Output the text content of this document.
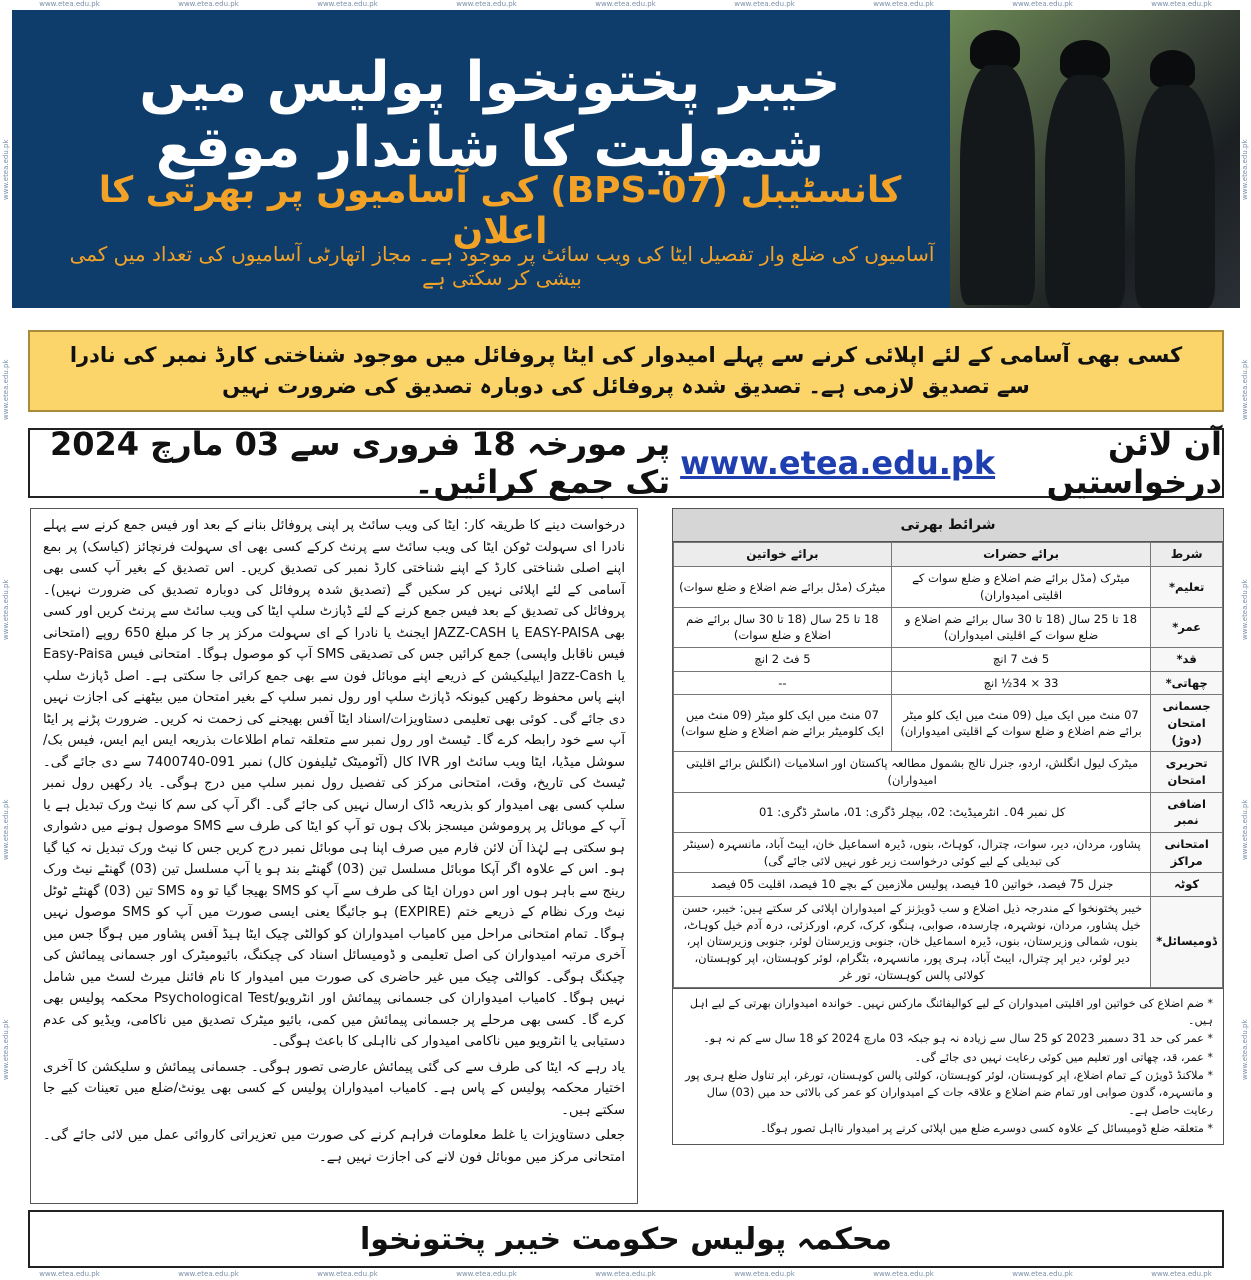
www.etea.edu.pk	www.etea.edu.pk	www.etea.edu.pk	www.etea.edu.pk	www.etea.edu.pk	www.etea.edu.pk	www.etea.edu.pk	www.etea.edu.pk	www.etea.edu.pk
www.etea.edu.pk	www.etea.edu.pk	www.etea.edu.pk	www.etea.edu.pk	www.etea.edu.pk	www.etea.edu.pk	www.etea.edu.pk	www.etea.edu.pk	www.etea.edu.pk
www.etea.edu.pk
www.etea.edu.pk
www.etea.edu.pk
www.etea.edu.pk
www.etea.edu.pk
www.etea.edu.pk
www.etea.edu.pk
www.etea.edu.pk
www.etea.edu.pk
www.etea.edu.pk
خیبر پختونخوا پولیس میں شمولیت کا شاندار موقع
کانسٹیبل (BPS-07) کی آسامیوں پر بھرتی کا اعلان
آسامیوں کی ضلع وار تفصیل ایٹا کی ویب سائٹ پر موجود ہے۔ مجاز اتھارٹی آسامیوں کی تعداد میں کمی بیشی کر سکتی ہے
کسی بھی آسامی کے لئے اپلائی کرنے سے پہلے امیدوار کی ایٹا پروفائل میں موجود شناختی کارڈ نمبر کی نادرا سے تصدیق لازمی ہے۔ تصدیق شدہ پروفائل کی دوبارہ تصدیق کی ضرورت نہیں
آن لائن درخواستیں
www.etea.edu.pk
پر مورخہ 18 فروری سے 03 مارچ 2024 تک جمع کرائیں۔

درخواست دینے کا طریقہ کار: ایٹا کی ویب سائٹ پر اپنی پروفائل بنانے کے بعد اور فیس جمع کرنے سے پہلے نادرا ای سہولت ٹوکن ایٹا کی ویب سائٹ سے پرنٹ کرکے کسی بھی ای سہولت فرنچائز (کیاسک) پر بمع اپنے اصلی شناختی کارڈ کے اپنے شناختی کارڈ نمبر کی تصدیق کریں۔ اس تصدیق کے بغیر آپ کسی بھی آسامی کے لئے اپلائی نہیں کر سکیں گے (تصدیق شدہ پروفائل کی دوبارہ تصدیق کی ضرورت نہیں)۔ پروفائل کی تصدیق کے بعد فیس جمع کرنے کے لئے ڈپازٹ سلپ ایٹا کی ویب سائٹ سے پرنٹ کریں اور کسی بھی EASY-PAISA یا JAZZ-CASH ایجنٹ یا نادرا کے ای سہولت مرکز پر جا کر مبلغ 650 روپے (امتحانی فیس ناقابل واپسی) جمع کرائیں جس کی تصدیقی SMS آپ کو موصول ہوگا۔ امتحانی فیس Easy-Paisa یا Jazz-Cash ایپلیکیشن کے ذریعے اپنے موبائل فون سے بھی جمع کرائی جا سکتی ہے۔ اصل ڈپازٹ سلپ اپنے پاس محفوظ رکھیں کیونکہ ڈپازٹ سلپ اور رول نمبر سلپ کے بغیر امتحان میں بیٹھنے کی اجازت نہیں دی جائے گی۔ کوئی بھی تعلیمی دستاویزات/اسناد ایٹا آفس بھیجنے کی زحمت نہ کریں۔ ضرورت پڑنے پر ایٹا آپ سے خود رابطہ کرے گا۔ ٹیسٹ اور رول نمبر سے متعلقہ تمام اطلاعات بذریعہ ایس ایم ایس، فیس بک/سوشل میڈیا، ایٹا ویب سائٹ اور IVR کال (آٹومیٹک ٹیلیفون کال) نمبر 091-7400740 سے دی جائے گی۔ ٹیسٹ کی تاریخ، وقت، امتحانی مرکز کی تفصیل رول نمبر سلپ میں درج ہوگی۔ یاد رکھیں رول نمبر سلپ کسی بھی امیدوار کو بذریعہ ڈاک ارسال نہیں کی جائے گی۔ اگر آپ کی سم کا نیٹ ورک تبدیل ہے یا آپ کے موبائل پر پروموشن میسجز بلاک ہوں تو آپ کو ایٹا کی طرف سے SMS موصول ہونے میں دشواری ہو سکتی ہے لہٰذا آن لائن فارم میں صرف اپنا ہی موبائل نمبر درج کریں جس کا نیٹ ورک تبدیل نہ کیا گیا ہو۔ اس کے علاوہ اگر آپکا موبائل مسلسل تین (03) گھنٹے بند ہو یا آپ مسلسل تین (03) گھنٹے نیٹ ورک رینج سے باہر ہوں اور اس دوران ایٹا کی طرف سے آپ کو SMS بھیجا گیا تو وہ SMS تین (03) گھنٹے ٹوٹل نیٹ ورک نظام کے ذریعے ختم (EXPIRE) ہو جائیگا یعنی ایسی صورت میں آپ کو SMS موصول نہیں ہوگا۔ تمام امتحانی مراحل میں کامیاب امیدواران کو کوالٹی چیک ایٹا ہیڈ آفس پشاور میں ہوگا جس میں آخری مرتبہ امیدواران کی اصل تعلیمی و ڈومیسائل اسناد کی چیکنگ، بائیومیٹرک اور جسمانی پیمائش کی چیکنگ ہوگی۔ کوالٹی چیک میں غیر حاضری کی صورت میں امیدوار کا نام فائنل میرٹ لسٹ میں شامل نہیں ہوگا۔ کامیاب امیدواران کی جسمانی پیمائش اور انٹرویو/Psychological Test محکمہ پولیس بھی کرے گا۔ کسی بھی مرحلے پر جسمانی پیمائش میں کمی، بائیو میٹرک تصدیق میں ناکامی، ویڈیو کی عدم دستیابی یا انٹرویو میں ناکامی امیدوار کی نااہلی کا باعث ہوگی۔

یاد رہے کہ ایٹا کی طرف سے کی گئی پیمائش عارضی تصور ہوگی۔ جسمانی پیمائش و سلیکشن کا آخری اختیار محکمہ پولیس کے پاس ہے۔ کامیاب امیدواران پولیس کے کسی بھی یونٹ/ضلع میں تعینات کیے جا سکتے ہیں۔

جعلی دستاویزات یا غلط معلومات فراہم کرنے کی صورت میں تعزیراتی کاروائی عمل میں لائی جائے گی۔ امتحانی مرکز میں موبائل فون لانے کی اجازت نہیں ہے۔

شرائط بھرتی
شرط	برائے حضرات	برائے خواتین
تعلیم*	میٹرک (مڈل برائے ضم اضلاع و ضلع سوات کے اقلیتی امیدواران)	میٹرک (مڈل برائے ضم اضلاع و ضلع سوات)
عمر*	18 تا 25 سال (18 تا 30 سال برائے ضم اضلاع و ضلع سوات کے اقلیتی امیدواران)	18 تا 25 سال (18 تا 30 سال برائے ضم اضلاع و ضلع سوات)
قد*	5 فٹ 7 انچ	5 فٹ 2 انچ
چھاتی*	33 × 34½ انچ	--
جسمانی امتحان (دوڑ)	07 منٹ میں ایک میل (09 منٹ میں ایک کلو میٹر برائے ضم اضلاع و ضلع سوات کے اقلیتی امیدواران)	07 منٹ میں ایک کلو میٹر (09 منٹ میں ایک کلومیٹر برائے ضم اضلاع و ضلع سوات)
تحریری امتحان	میٹرک لیول انگلش، اردو، جنرل نالج بشمول مطالعہ پاکستان اور اسلامیات (انگلش برائے اقلیتی امیدواران)	
اضافی نمبر	کل نمبر 04۔ انٹرمیڈیٹ: 02، بیچلر ڈگری: 01، ماسٹر ڈگری: 01	
امتحانی مراکز	پشاور، مردان، دیر، سوات، چترال، کوہاٹ، بنوں، ڈیرہ اسماعیل خان، ایبٹ آباد، مانسہرہ (سینٹر کی تبدیلی کے لیے کوئی درخواست زیر غور نہیں لائی جائے گی)	
کوٹہ	جنرل 75 فیصد، خواتین 10 فیصد، پولیس ملازمین کے بچے 10 فیصد، اقلیت 05 فیصد	
ڈومیسائل*	خیبر پختونخوا کے مندرجہ ذیل اضلاع و سب ڈویژنز کے امیدواران اپلائی کر سکتے ہیں: خیبر، حسن خیل پشاور، مردان، نوشہرہ، چارسدہ، صوابی، ہنگو، کرک، کرم، اورکزئی، درہ آدم خیل کوہاٹ، بنوں، شمالی وزیرستان، بنوں، ڈیرہ اسماعیل خان، جنوبی وزیرستان لوئر، جنوبی وزیرستان اپر، دیر لوئر، دیر اپر چترال، ایبٹ آباد، ہری پور، مانسہرہ، بٹگرام، لوئر کوہستان، اپر کوہستان، کولائی پالس کوہستان، تور غر	
* ضم اضلاع کی خواتین اور اقلیتی امیدواران کے لیے کوالیفائنگ مارکس نہیں۔ خواندہ امیدواران بھرتی کے لیے اہل ہیں۔
* عمر کی حد 31 دسمبر 2023 کو 25 سال سے زیادہ نہ ہو جبکہ 03 مارچ 2024 کو 18 سال سے کم نہ ہو۔
* عمر، قد، چھاتی اور تعلیم میں کوئی رعایت نہیں دی جائے گی۔
* ملاکنڈ ڈویژن کے تمام اضلاع، اپر کوہستان، لوئر کوہستان، کولئی پالس کوہستان، تورغر، اپر تناول ضلع ہری پور و مانسہرہ، گدون صوابی اور تمام ضم اضلاع و علاقہ جات کے امیدواران کو عمر کی بالائی حد میں (03) سال رعایت حاصل ہے۔
* متعلقہ ضلع ڈومیسائل کے علاوہ کسی دوسرے ضلع میں اپلائی کرنے پر امیدوار نااہل تصور ہوگا۔
محکمہ پولیس حکومت خیبر پختونخوا
